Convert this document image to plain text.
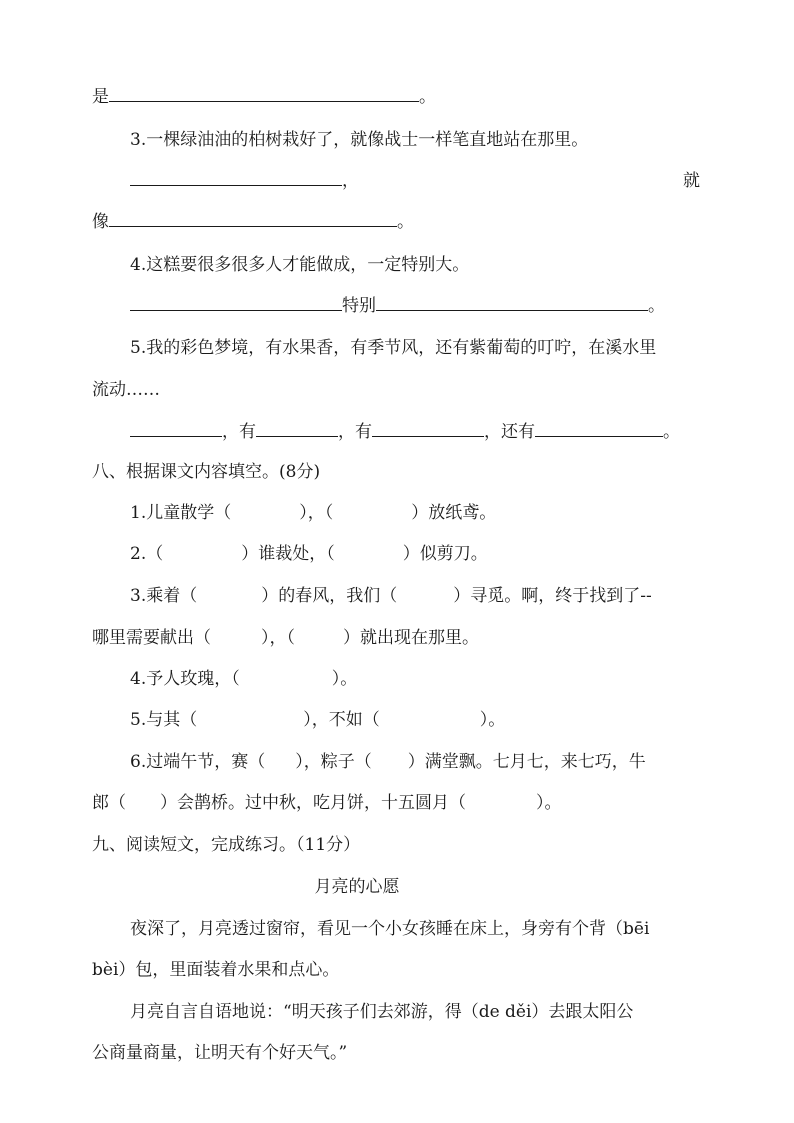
是	。
3.一棵绿油油的柏树栽好了，就像战士一样笔直地站在那里。
，	就
像	。
4.这糕要很多很多人才能做成，一定特别大。
特别	。
5.我的彩色梦境，有水果香，有季节风，还有紫葡萄的叮咛，在溪水里
流动……
，有	，有	，还有	。
八、根据课文内容填空。(8分)
1.儿童散学（	），（	）放纸鸢。
2.（	）谁裁处，（	）似剪刀。
3.乘着（	）的春风，我们（	）寻觅。啊，终于找到了--
哪里需要献出（	），（	）就出现在那里。
4.予人玫瑰，（	）。
5.与其（	），不如（	）。
6.过端午节，赛（ ），粽子（ ）满堂飘。七月七，来七巧，牛
郎（ ）会鹊桥。过中秋，吃月饼，十五圆月（	）。
九、阅读短文，完成练习。（11分）
月亮的心愿
夜深了，月亮透过窗帘，看见一个小女孩睡在床上，身旁有个背（bēi
bèi）包，里面装着水果和点心。
月亮自言自语地说：“明天孩子们去郊游，得（de děi）去跟太阳公
公商量商量，让明天有个好天气。”
